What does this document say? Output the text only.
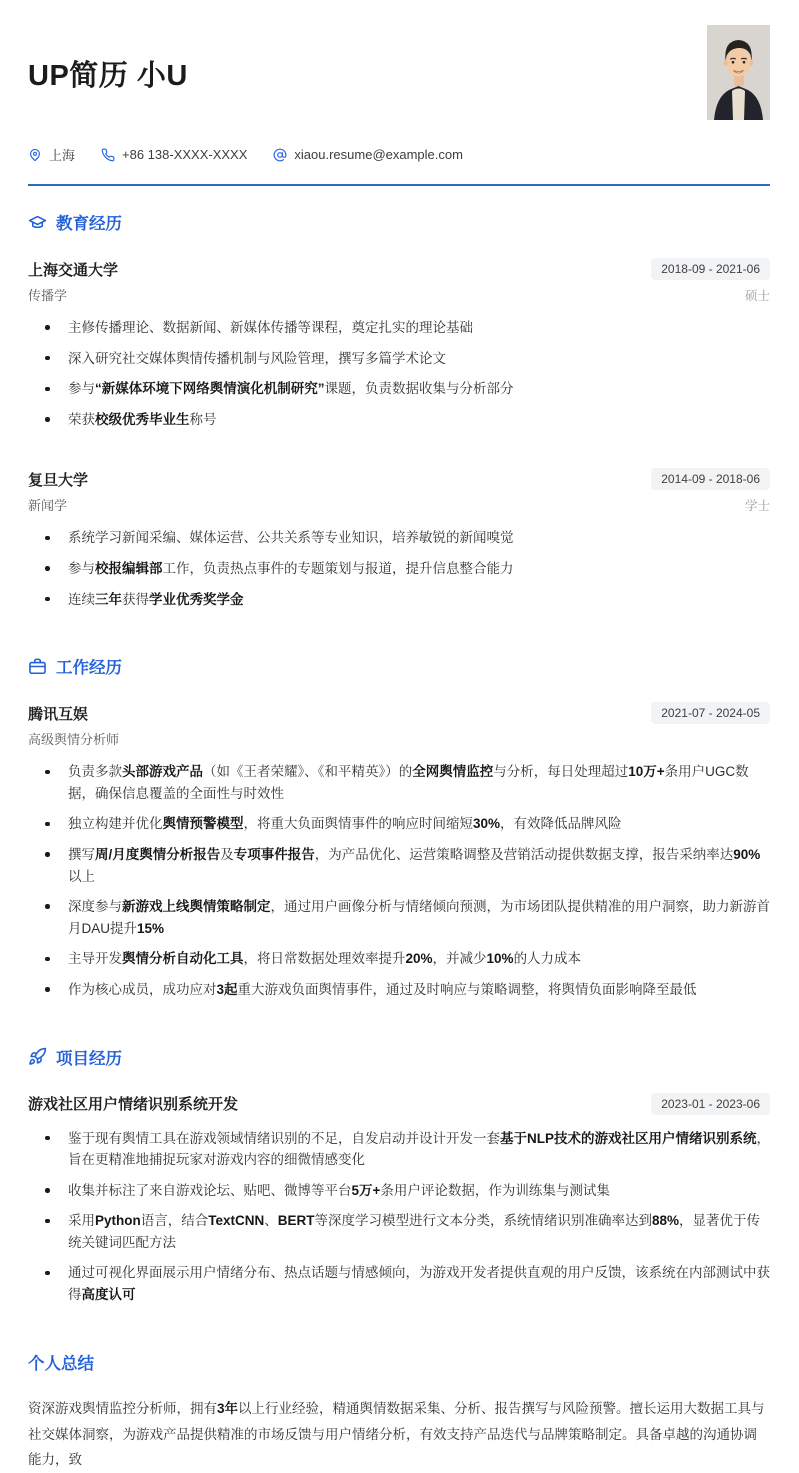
UP简历 小U
上海	+86 138-XXXX-XXXX	xiaou.resume@example.com
教育经历
上海交通大学	2018-09 - 2021-06
传播学	硕士
主修传播理论、数据新闻、新媒体传播等课程，奠定扎实的理论基础
深入研究社交媒体舆情传播机制与风险管理，撰写多篇学术论文
参与“新媒体环境下网络舆情演化机制研究”课题，负责数据收集与分析部分
荣获校级优秀毕业生称号
复旦大学	2014-09 - 2018-06
新闻学	学士
系统学习新闻采编、媒体运营、公共关系等专业知识，培养敏锐的新闻嗅觉
参与校报编辑部工作，负责热点事件的专题策划与报道，提升信息整合能力
连续三年获得学业优秀奖学金
工作经历
腾讯互娱	2021-07 - 2024-05
高级舆情分析师
负责多款头部游戏产品（如《王者荣耀》、《和平精英》）的全网舆情监控与分析，每日处理超过10万+条用户UGC数据，确保信息覆盖的全面性与时效性
独立构建并优化舆情预警模型，将重大负面舆情事件的响应时间缩短30%，有效降低品牌风险
撰写周/月度舆情分析报告及专项事件报告，为产品优化、运营策略调整及营销活动提供数据支撑，报告采纳率达90%以上
深度参与新游戏上线舆情策略制定，通过用户画像分析与情绪倾向预测，为市场团队提供精准的用户洞察，助力新游首月DAU提升15%
主导开发舆情分析自动化工具，将日常数据处理效率提升20%，并减少10%的人力成本
作为核心成员，成功应对3起重大游戏负面舆情事件，通过及时响应与策略调整，将舆情负面影响降至最低
项目经历
游戏社区用户情绪识别系统开发	2023-01 - 2023-06
鉴于现有舆情工具在游戏领域情绪识别的不足，自发启动并设计开发一套基于NLP技术的游戏社区用户情绪识别系统，旨在更精准地捕捉玩家对游戏内容的细微情感变化
收集并标注了来自游戏论坛、贴吧、微博等平台5万+条用户评论数据，作为训练集与测试集
采用Python语言，结合TextCNN、BERT等深度学习模型进行文本分类，系统情绪识别准确率达到88%，显著优于传统关键词匹配方法
通过可视化界面展示用户情绪分布、热点话题与情感倾向，为游戏开发者提供直观的用户反馈，该系统在内部测试中获得高度认可
个人总结

资深游戏舆情监控分析师，拥有3年以上行业经验，精通舆情数据采集、分析、报告撰写与风险预警。擅长运用大数据工具与社交媒体洞察，为游戏产品提供精准的市场反馈与用户情绪分析，有效支持产品迭代与品牌策略制定。具备卓越的沟通协调能力，致
